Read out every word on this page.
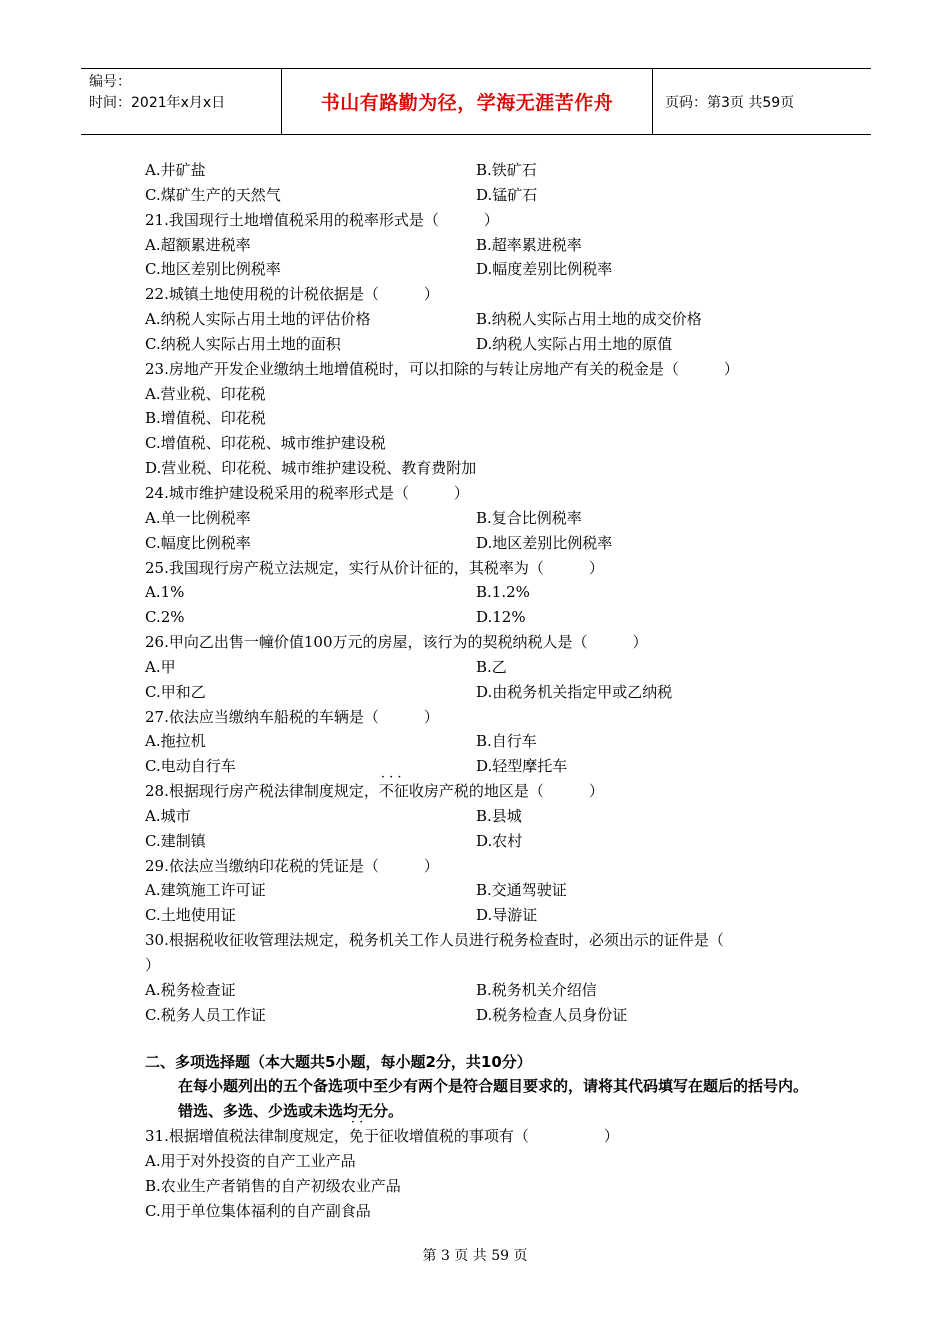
编号：
时间：2021年x月x日	书山有路勤为径，学海无涯苦作舟	页码：第3页 共59页
A.井矿盐	B.铁矿石
C.煤矿生产的天然气	D.锰矿石
21.我国现行土地增值税采用的税率形式是（　　　）
A.超额累进税率	B.超率累进税率
C.地区差别比例税率	D.幅度差别比例税率
22.城镇土地使用税的计税依据是（　　　）
A.纳税人实际占用土地的评估价格	B.纳税人实际占用土地的成交价格
C.纳税人实际占用土地的面积	D.纳税人实际占用土地的原值
23.房地产开发企业缴纳土地增值税时，可以扣除的与转让房地产有关的税金是（　　　）
A.营业税、印花税
B.增值税、印花税
C.增值税、印花税、城市维护建设税
D.营业税、印花税、城市维护建设税、教育费附加
24.城市维护建设税采用的税率形式是（　　　）
A.单一比例税率	B.复合比例税率
C.幅度比例税率	D.地区差别比例税率
25.我国现行房产税立法规定，实行从价计征的，其税率为（　　　）
A.1%	B.1.2%
C.2%	D.12%
26.甲向乙出售一幢价值100万元的房屋，该行为的契税纳税人是（　　　）
A.甲	B.乙
C.甲和乙	D.由税务机关指定甲或乙纳税
27.依法应当缴纳车船税的车辆是（　　　）
A.拖拉机	B.自行车
C.电动自行车	D.轻型摩托车
28.根据现行房产税法律制度规定，· · · 不征收房产税的地区是（　　　）
A.城市	B.县城
C.建制镇	D.农村
29.依法应当缴纳印花税的凭证是（　　　）
A.建筑施工许可证	B.交通驾驶证
C.土地使用证	D.导游证
30.根据税收征收管理法规定，税务机关工作人员进行税务检查时，必须出示的证件是（
）
A.税务检查证	B.税务机关介绍信
C.税务人员工作证	D.税务检查人员身份证
二、多项选择题（本大题共5小题，每小题2分，共10分）
在每小题列出的五个备选项中至少有两个是符合题目要求的，请将其代码填写在题后的括号内。错选、多选、少选或未选均无分。
31.根据增值税法律制度规定，· · 免于征收增值税的事项有（　　　　　）
A.用于对外投资的自产工业产品
B.农业生产者销售的自产初级农业产品
C.用于单位集体福利的自产副食品
第 3 页 共 59 页
